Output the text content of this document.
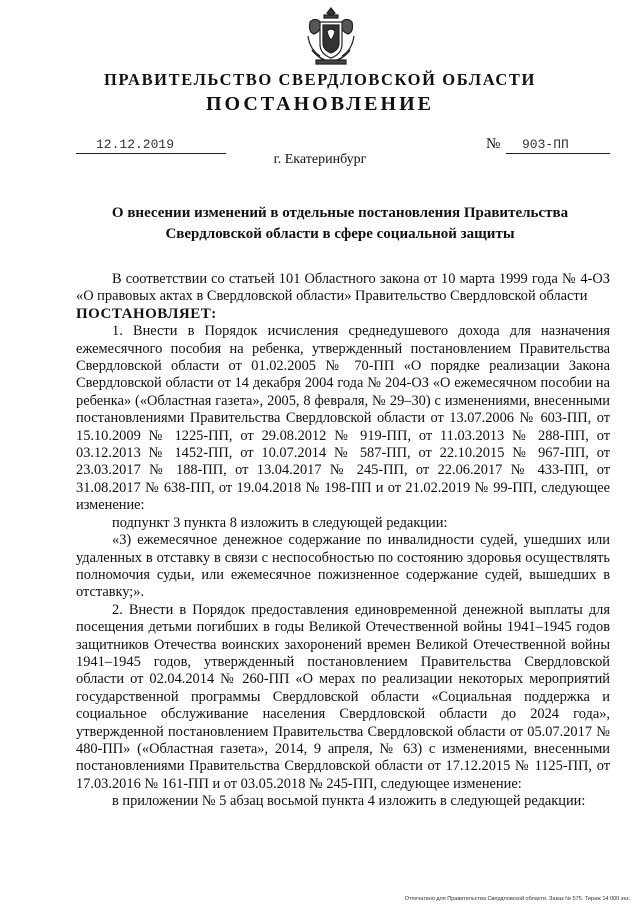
ПРАВИТЕЛЬСТВО СВЕРДЛОВСКОЙ ОБЛАСТИ
ПОСТАНОВЛЕНИЕ
12.12.2019	№ 903-ПП
г. Екатеринбург
О внесении изменений в отдельные постановления Правительства Свердловской области в сфере социальной защиты

В соответствии со статьей 101 Областного закона от 10 марта 1999 года № 4-ОЗ «О правовых актах в Свердловской области» Правительство Свердловской области

ПОСТАНОВЛЯЕТ:

1. Внести в Порядок исчисления среднедушевого дохода для назначения ежемесячного пособия на ребенка, утвержденный постановлением Правительства Свердловской области от 01.02.2005 № 70-ПП «О порядке реализации Закона Свердловской области от 14 декабря 2004 года № 204-ОЗ «О ежемесячном пособии на ребенка» («Областная газета», 2005, 8 февраля, № 29–30) с изменениями, внесенными постановлениями Правительства Свердловской области от 13.07.2006 № 603-ПП, от 15.10.2009 № 1225-ПП, от 29.08.2012 № 919-ПП, от 11.03.2013 № 288-ПП, от 03.12.2013 № 1452-ПП, от 10.07.2014 № 587-ПП, от 22.10.2015 № 967-ПП, от 23.03.2017 № 188-ПП, от 13.04.2017 № 245-ПП, от 22.06.2017 № 433-ПП, от 31.08.2017 № 638-ПП, от 19.04.2018 № 198-ПП и от 21.02.2019 № 99-ПП, следующее изменение:

подпункт 3 пункта 8 изложить в следующей редакции:

«3) ежемесячное денежное содержание по инвалидности судей, ушедших или удаленных в отставку в связи с неспособностью по состоянию здоровья осуществлять полномочия судьи, или ежемесячное пожизненное содержание судей, вышедших в отставку;».

2. Внести в Порядок предоставления единовременной денежной выплаты для посещения детьми погибших в годы Великой Отечественной войны 1941–1945 годов защитников Отечества воинских захоронений времен Великой Отечественной войны 1941–1945 годов, утвержденный постановлением Правительства Свердловской области от 02.04.2014 № 260-ПП «О мерах по реализации некоторых мероприятий государственной программы Свердловской области «Социальная поддержка и социальное обслуживание населения Свердловской области до 2024 года», утвержденной постановлением Правительства Свердловской области от 05.07.2017 № 480-ПП» («Областная газета», 2014, 9 апреля, № 63) с изменениями, внесенными постановлениями Правительства Свердловской области от 17.12.2015 № 1125-ПП, от 17.03.2016 № 161-ПП и от 03.05.2018 № 245-ПП, следующее изменение:

в приложении № 5 абзац восьмой пункта 4 изложить в следующей редакции:

Отпечатано для Правительства Свердловской области. Заказ № 575. Тираж 14 000 экз.
